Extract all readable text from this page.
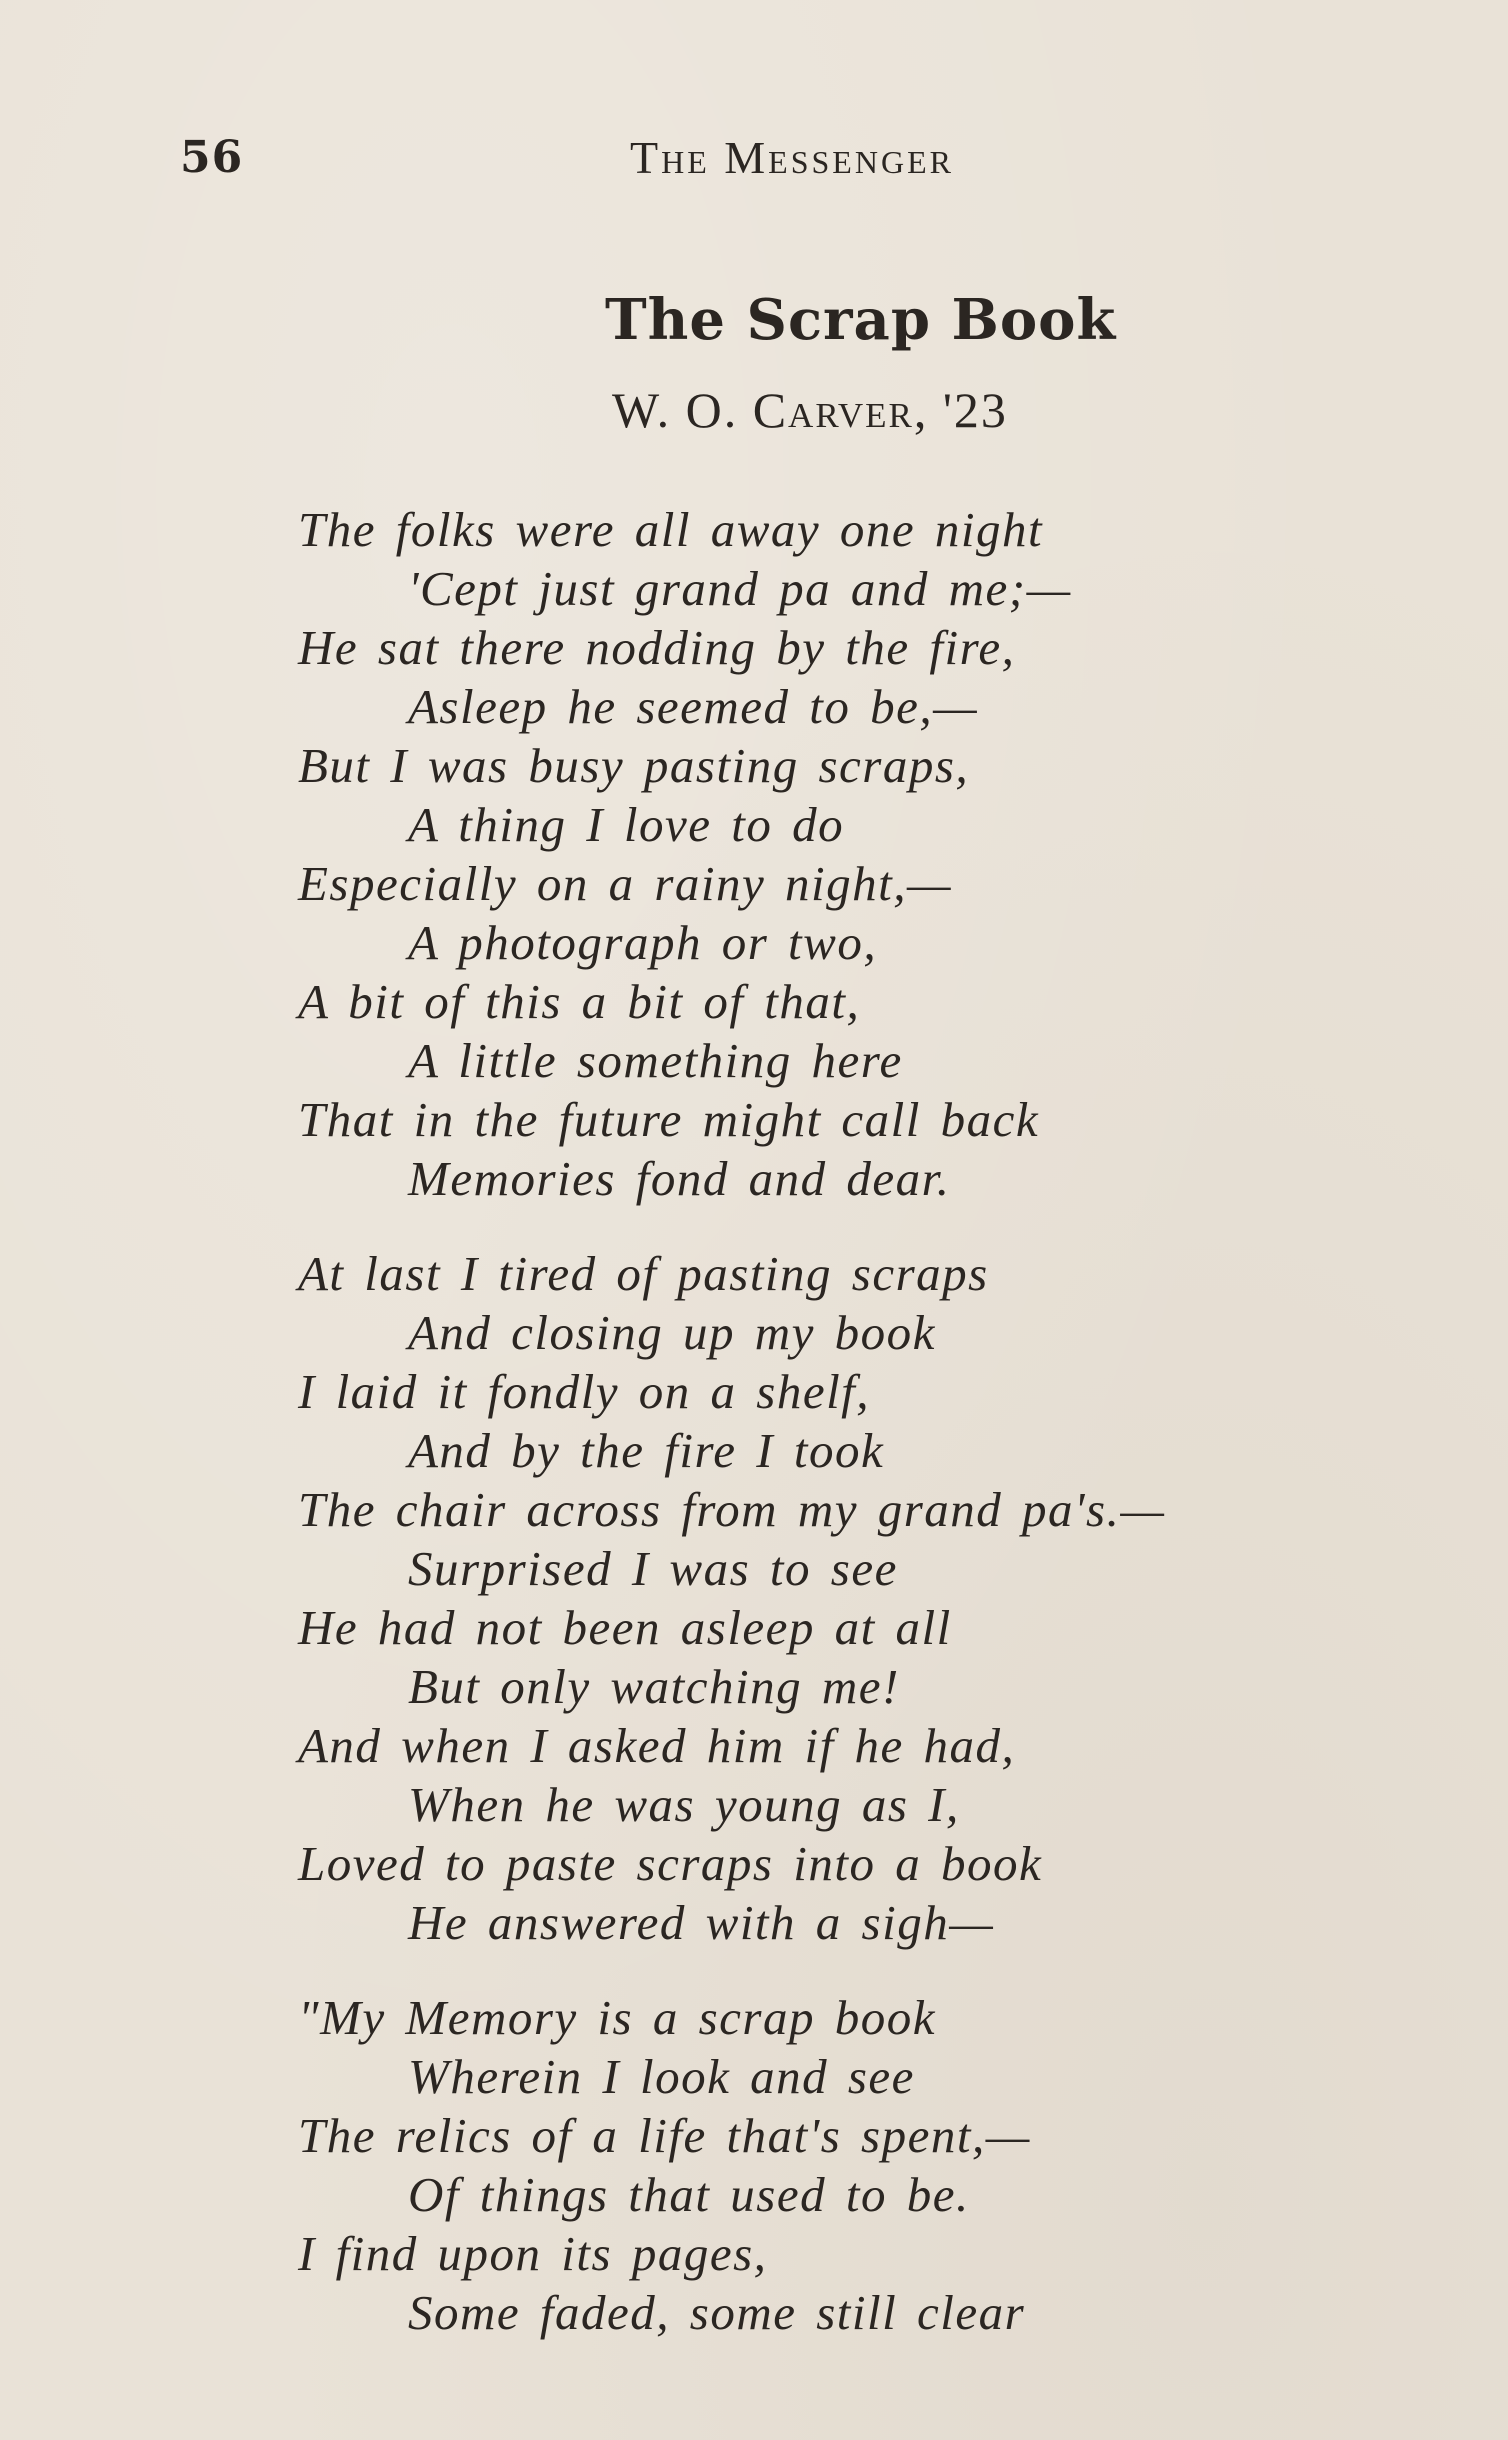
56	The Messenger
The Scrap Book
W. O. Carver, '23
The folks were all away one night
'Cept just grand pa and me;—
He sat there nodding by the fire,
Asleep he seemed to be,—
But I was busy pasting scraps,
A thing I love to do
Especially on a rainy night,—
A photograph or two,
A bit of this a bit of that,
A little something here
That in the future might call back
Memories fond and dear.
At last I tired of pasting scraps
And closing up my book
I laid it fondly on a shelf,
And by the fire I took
The chair across from my grand pa's.—
Surprised I was to see
He had not been asleep at all
But only watching me!
And when I asked him if he had,
When he was young as I,
Loved to paste scraps into a book
He answered with a sigh—
"My Memory is a scrap book
Wherein I look and see
The relics of a life that's spent,—
Of things that used to be.
I find upon its pages,
Some faded, some still clear
